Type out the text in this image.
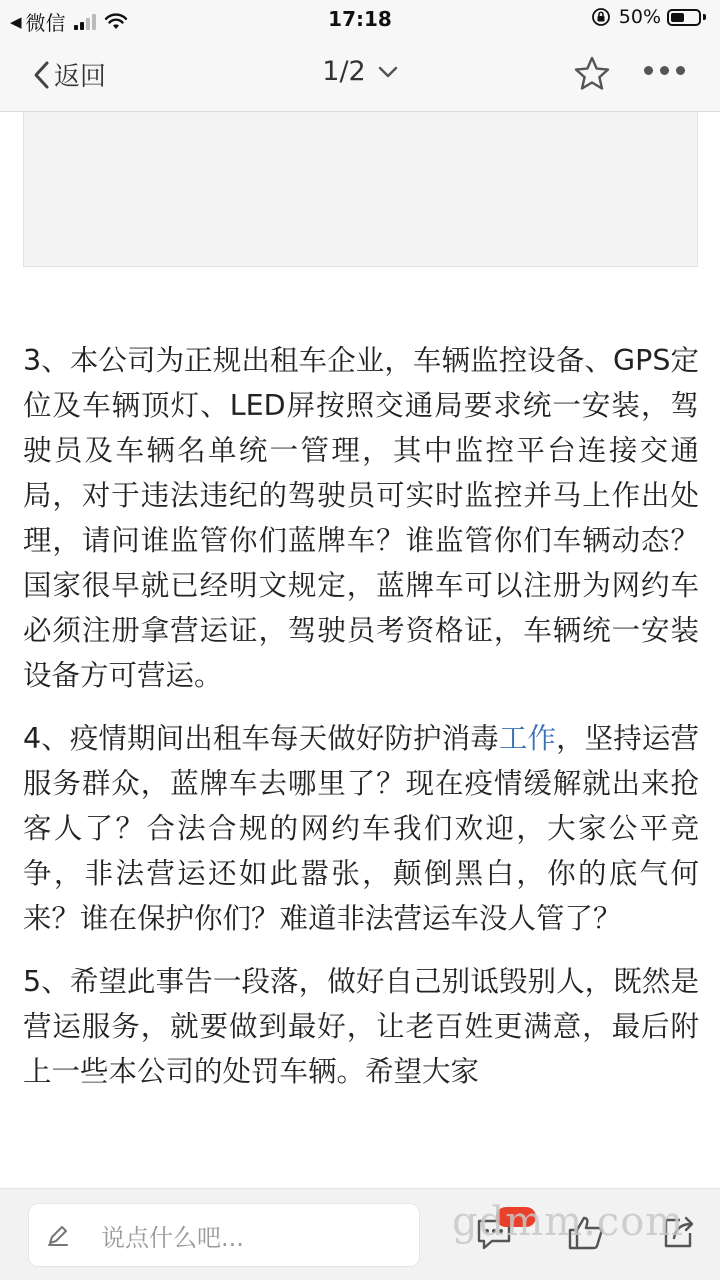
◀ 微信	17:18	50%
返回	1/2

3、本公司为正规出租车企业，车辆监控设备、GPS定位及车辆顶灯、LED屏按照交通局要求统一安装，驾驶员及车辆名单统一管理，其中监控平台连接交通局，对于违法违纪的驾驶员可实时监控并马上作出处理，请问谁监管你们蓝牌车？谁监管你们车辆动态？国家很早就已经明文规定，蓝牌车可以注册为网约车必须注册拿营运证，驾驶员考资格证，车辆统一安装设备方可营运。

4、疫情期间出租车每天做好防护消毒工作，坚持运营服务群众，蓝牌车去哪里了？现在疫情缓解就出来抢客人了？合法合规的网约车我们欢迎，大家公平竞争，非法营运还如此嚣张，颠倒黑白，你的底气何来？谁在保护你们？难道非法营运车没人管了？

5、希望此事告一段落，做好自己别诋毁别人，既然是营运服务，就要做到最好，让老百姓更满意，最后附上一些本公司的处罚车辆。希望大家

说点什么吧...	gdmm.com
